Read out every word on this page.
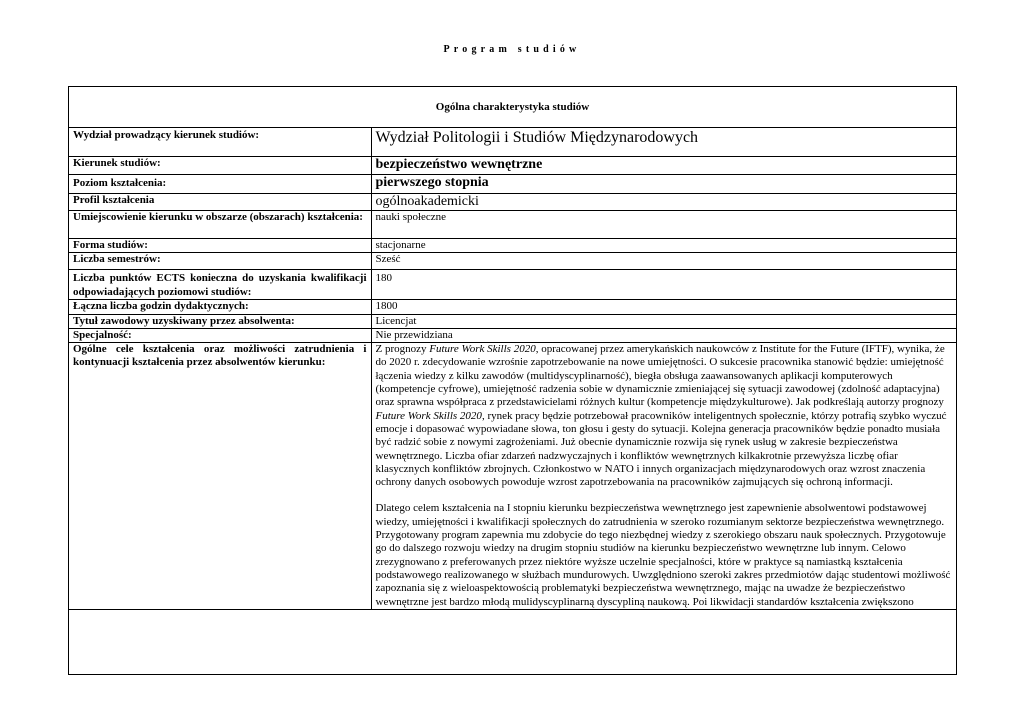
Program studiów
Ogólna charakterystyka studiów
Wydział prowadzący kierunek studiów:	Wydział Politologii i Studiów Międzynarodowych
Kierunek studiów:	bezpieczeństwo wewnętrzne
Poziom kształcenia:	pierwszego stopnia
Profil kształcenia	ogólnoakademicki
Umiejscowienie kierunku w obszarze (obszarach) kształcenia:	nauki społeczne
Forma studiów:	stacjonarne
Liczba semestrów:	Sześć
Liczba punktów ECTS konieczna do uzyskania kwalifikacji odpowiadających poziomowi studiów:	180
Łączna liczba godzin dydaktycznych:	1800
Tytuł zawodowy uzyskiwany przez absolwenta:	Licencjat
Specjalność:	Nie przewidziana
Ogólne cele kształcenia oraz możliwości zatrudnienia i kontynuacji kształcenia przez absolwentów kierunku:	Z prognozy Future Work Skills 2020, opracowanej przez amerykańskich naukowców z Institute for the Future (IFTF), wynika, że do 2020 r. zdecydowanie wzrośnie zapotrzebowanie na nowe umiejętności. O sukcesie pracownika stanowić będzie: umiejętność łączenia wiedzy z kilku zawodów (multidyscyplinarność), biegła obsługa zaawansowanych aplikacji komputerowych (kompetencje cyfrowe), umiejętność radzenia sobie w dynamicznie zmieniającej się sytuacji zawodowej (zdolność adaptacyjna) oraz sprawna współpraca z przedstawicielami różnych kultur (kompetencje międzykulturowe). Jak podkreślają autorzy prognozy Future Work Skills 2020, rynek pracy będzie potrzebował pracowników inteligentnych społecznie, którzy potrafią szybko wyczuć emocje i dopasować wypowiadane słowa, ton głosu i gesty do sytuacji. Kolejna generacja pracowników będzie ponadto musiała być radzić sobie z nowymi zagrożeniami. Już obecnie dynamicznie rozwija się rynek usług w zakresie bezpieczeństwa wewnętrznego. Liczba ofiar zdarzeń nadzwyczajnych i konfliktów wewnętrznych kilkakrotnie przewyższa liczbę ofiar klasycznych konfliktów zbrojnych. Członkostwo w NATO i innych organizacjach międzynarodowych oraz wzrost znaczenia ochrony danych osobowych powoduje wzrost zapotrzebowania na pracowników zajmujących się ochroną informacji.
Dlatego celem kształcenia na I stopniu kierunku bezpieczeństwa wewnętrznego jest zapewnienie absolwentowi podstawowej wiedzy, umiejętności i kwalifikacji społecznych do zatrudnienia w szeroko rozumianym sektorze bezpieczeństwa wewnętrznego. Przygotowany program zapewnia mu zdobycie do tego niezbędnej wiedzy z szerokiego obszaru nauk społecznych. Przygotowuje go do dalszego rozwoju wiedzy na drugim stopniu studiów na kierunku bezpieczeństwo wewnętrzne lub innym. Celowo zrezygnowano z preferowanych przez niektóre wyższe uczelnie specjalności, które w praktyce są namiastką kształcenia podstawowego realizowanego w służbach mundurowych. Uwzględniono szeroki zakres przedmiotów dając studentowi możliwość zapoznania się z wieloaspektowością problematyki bezpieczeństwa wewnętrznego, mając na uwadze że bezpieczeństwo wewnętrzne jest bardzo młodą mulidyscyplinarną dyscypliną naukową. Poi likwidacji standardów kształcenia zwiększono
